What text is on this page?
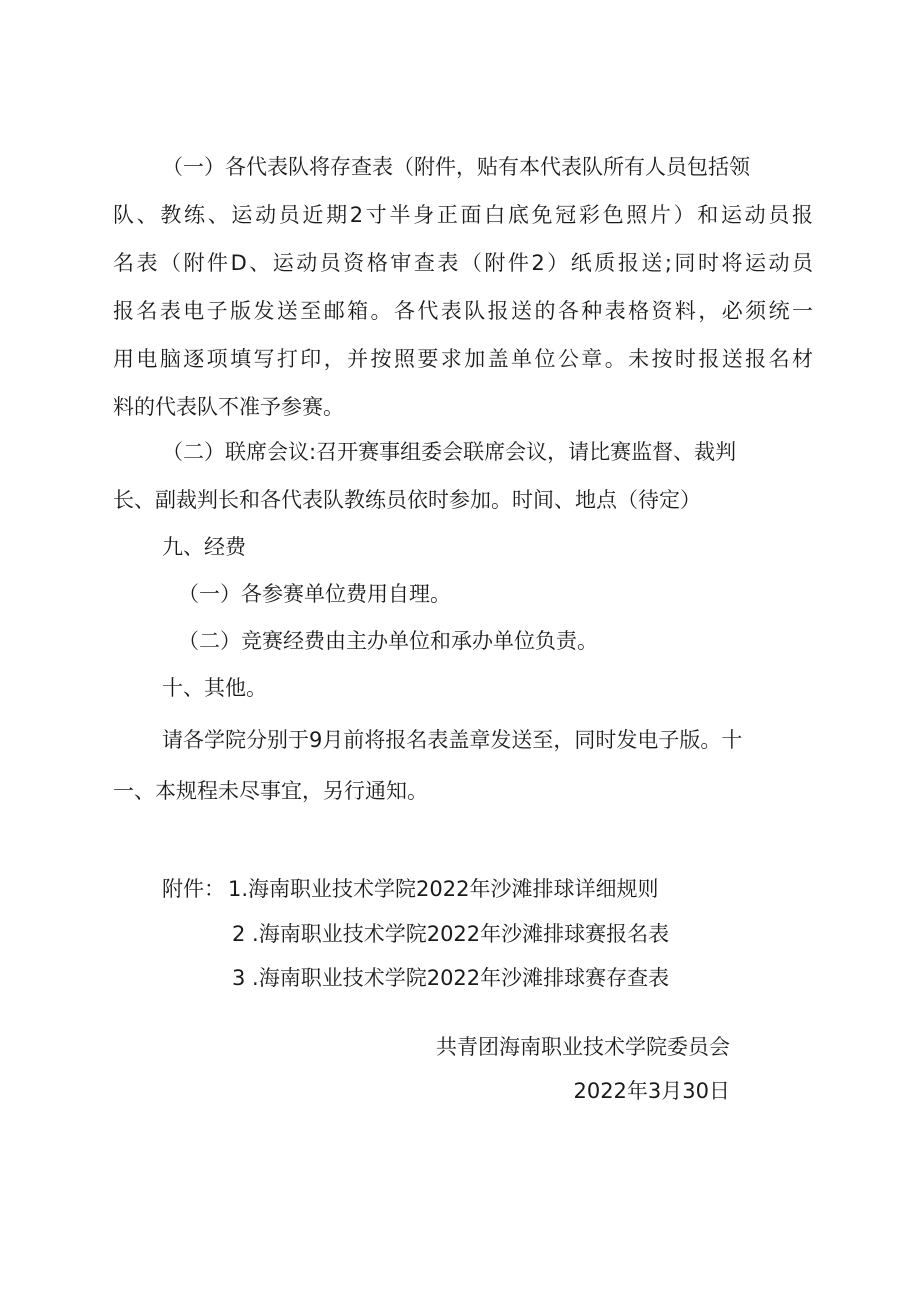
（一）各代表队将存查表（附件，贴有本代表队所有人员包括领
队、教练、运动员近期2寸半身正面白底免冠彩色照片）和运动员报
名表（附件D、运动员资格审查表（附件2）纸质报送;同时将运动员
报名表电子版发送至邮箱。各代表队报送的各种表格资料，必须统一
用电脑逐项填写打印，并按照要求加盖单位公章。未按时报送报名材
料的代表队不准予参赛。
（二）联席会议:召开赛事组委会联席会议，请比赛监督、裁判
长、副裁判长和各代表队教练员依时参加。时间、地点（待定）
九、经费
（一）各参赛单位费用自理。
（二）竞赛经费由主办单位和承办单位负责。
十、其他。
请各学院分别于9月前将报名表盖章发送至，同时发电子版。十
一、本规程未尽事宜，另行通知。
附件： 1.海南职业技术学院2022年沙滩排球详细规则
2 .海南职业技术学院2022年沙滩排球赛报名表
3 .海南职业技术学院2022年沙滩排球赛存查表
共青团海南职业技术学院委员会
2022年3月30日
